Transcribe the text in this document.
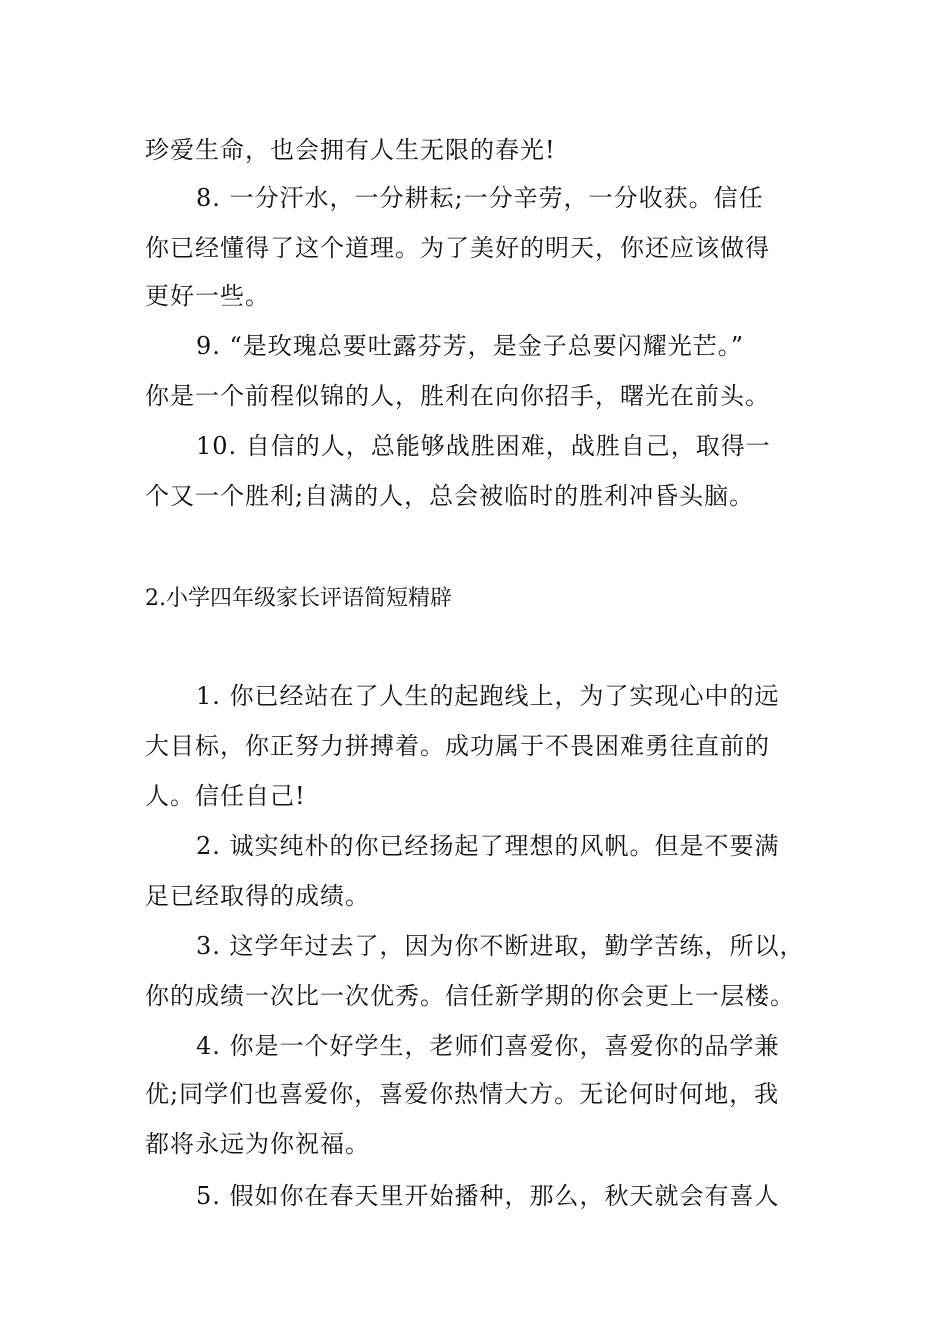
珍爱生命，也会拥有人生无限的春光!
8. 一分汗水，一分耕耘;一分辛劳，一分收获。信任
你已经懂得了这个道理。为了美好的明天，你还应该做得
更好一些。
9. “是玫瑰总要吐露芬芳，是金子总要闪耀光芒。”
你是一个前程似锦的人，胜利在向你招手，曙光在前头。
10. 自信的人，总能够战胜困难，战胜自己，取得一
个又一个胜利;自满的人，总会被临时的胜利冲昏头脑。
2.小学四年级家长评语简短精辟
1. 你已经站在了人生的起跑线上，为了实现心中的远
大目标，你正努力拼搏着。成功属于不畏困难勇往直前的
人。信任自己!
2. 诚实纯朴的你已经扬起了理想的风帆。但是不要满
足已经取得的成绩。
3. 这学年过去了，因为你不断进取，勤学苦练，所以，
你的成绩一次比一次优秀。信任新学期的你会更上一层楼。
4. 你是一个好学生，老师们喜爱你，喜爱你的品学兼
优;同学们也喜爱你，喜爱你热情大方。无论何时何地，我
都将永远为你祝福。
5. 假如你在春天里开始播种，那么，秋天就会有喜人
